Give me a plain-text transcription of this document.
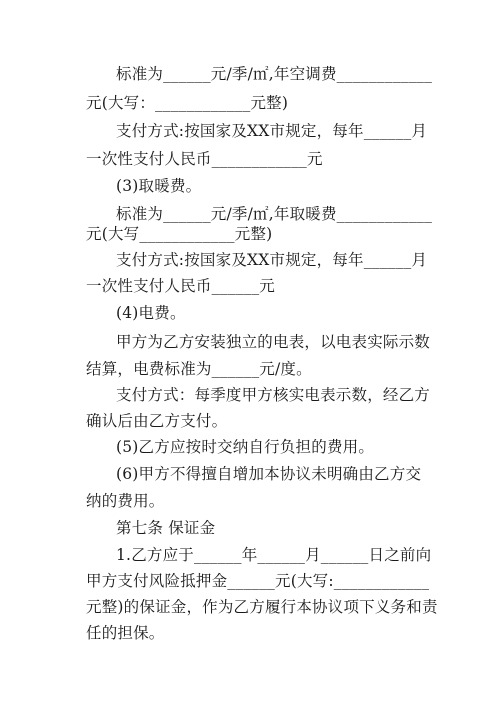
标准为______元/季/㎡,年空调费____________
元(大写：____________元整)
支付方式:按国家及XX市规定，每年______月
一次性支付人民币____________元
(3)取暖费。
标准为______元/季/㎡,年取暖费____________
元(大写____________元整)
支付方式:按国家及XX市规定，每年______月
一次性支付人民币______元
(4)电费。
甲方为乙方安装独立的电表，以电表实际示数
结算，电费标准为______元/度。
支付方式：每季度甲方核实电表示数，经乙方
确认后由乙方支付。
(5)乙方应按时交纳自行负担的费用。
(6)甲方不得擅自增加本协议未明确由乙方交
纳的费用。
第七条 保证金
1.乙方应于______年______月______日之前向
甲方支付风险抵押金______元(大写:____________
元整)的保证金，作为乙方履行本协议项下义务和责
任的担保。
